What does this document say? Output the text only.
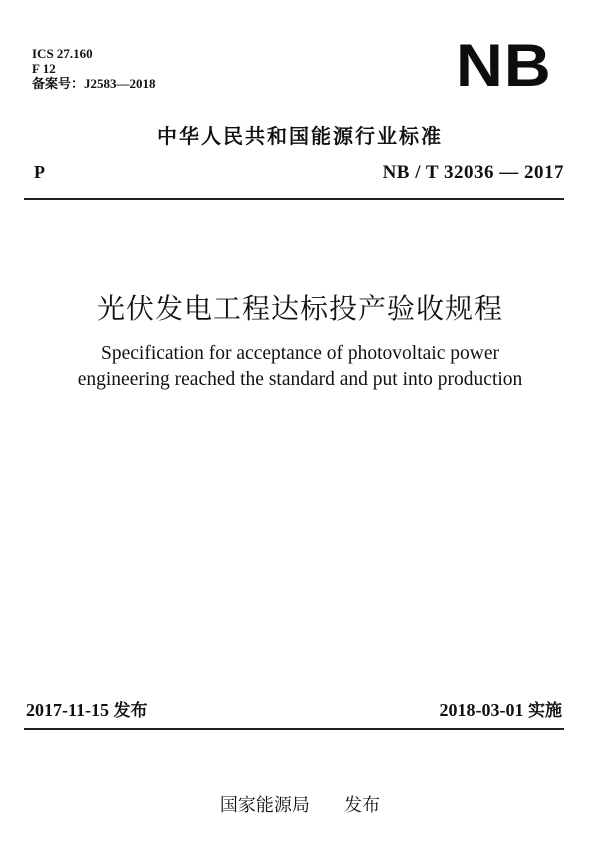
ICS 27.160
F 12
备案号：J2583—2018	NB
中华人民共和国能源行业标准
P	NB / T 32036 — 2017
光伏发电工程达标投产验收规程
Specification for acceptance of photovoltaic power
engineering reached the standard and put into production
2017-11-15 发布	2018-03-01 实施
国家能源局 发布
